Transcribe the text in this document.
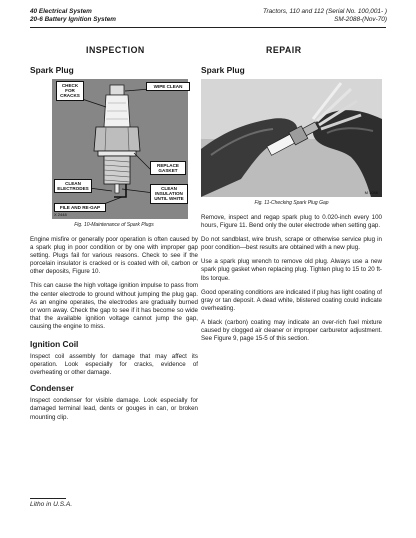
40 Electrical System
20-6 Battery Ignition System
Tractors, 110 and 112 (Serial No. 100,001- )
SM-2088-(Nov-70)
INSPECTION	REPAIR
Spark Plug
CHECK FOR CRACKS
WIPE CLEAN
REPLACE GASKET
CLEAN ELECTRODES	CLEAN INSULATION UNTIL WHITE
FILE AND RE-GAP
X 2448
Fig. 10-Maintenance of Spark Plugs

Engine misfire or generally poor operation is often caused by a spark plug in poor condition or by one with improper gap setting. Plugs fail for various reasons. Check to see if the porcelain insulator is cracked or is coated with oil, carbon or other deposits, Figure 10.

This can cause the high voltage ignition impulse to pass from the center electrode to ground without jumping the plug gap. As an engine operates, the electrodes are gradually burned or worn away. Check the gap to see if it has become so wide that the available ignition voltage cannot jump the gap, causing the engine to miss.

Ignition Coil

Inspect coil assembly for damage that may affect its operation. Look especially for cracks, evidence of overheating or other damage.

Condenser

Inspect condenser for visible damage. Look especially for damaged terminal lead, dents or gouges in can, or broken mounting clip.

Spark Plug
M 1046
Fig. 11-Checking Spark Plug Gap

Remove, inspect and regap spark plug to 0.020-inch every 100 hours, Figure 11. Bend only the outer electrode when setting gap.

Do not sandblast, wire brush, scrape or otherwise service plug in poor condition—best results are obtained with a new plug.

Use a spark plug wrench to remove old plug. Always use a new spark plug gasket when replacing plug. Tighten plug to 15 to 20 ft-lbs torque.

Good operating conditions are indicated if plug has light coating of gray or tan deposit. A dead white, blistered coating could indicate overheating.

A black (carbon) coating may indicate an over-rich fuel mixture caused by clogged air cleaner or improper carburetor adjustment. See Figure 9, page 15-5 of this section.

Litho in U.S.A.
